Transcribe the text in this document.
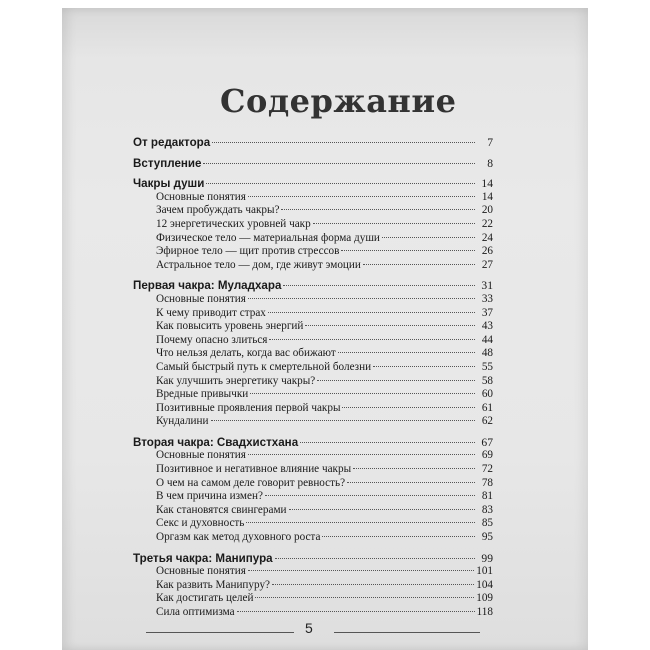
Содержание
От редактора	7
Вступление	8
Чакры души	14
Основные понятия	14
Зачем пробуждать чакры?	20
12 энергетических уровней чакр	22
Физическое тело — материальная форма души	24
Эфирное тело — щит против стрессов	26
Астральное тело — дом, где живут эмоции	27
Первая чакра: Муладхара	31
Основные понятия	33
К чему приводит страх	37
Как повысить уровень энергий	43
Почему опасно злиться	44
Что нельзя делать, когда вас обижают	48
Самый быстрый путь к смертельной болезни	55
Как улучшить энергетику чакры?	58
Вредные привычки	60
Позитивные проявления первой чакры	61
Кундалини	62
Вторая чакра: Свадхистхана	67
Основные понятия	69
Позитивное и негативное влияние чакры	72
О чем на самом деле говорит ревность?	78
В чем причина измен?	81
Как становятся свингерами	83
Секс и духовность	85
Оргазм как метод духовного роста	95
Третья чакра: Манипура	99
Основные понятия	101
Как развить Манипуру?	104
Как достигать целей	109
Сила оптимизма	118
5
